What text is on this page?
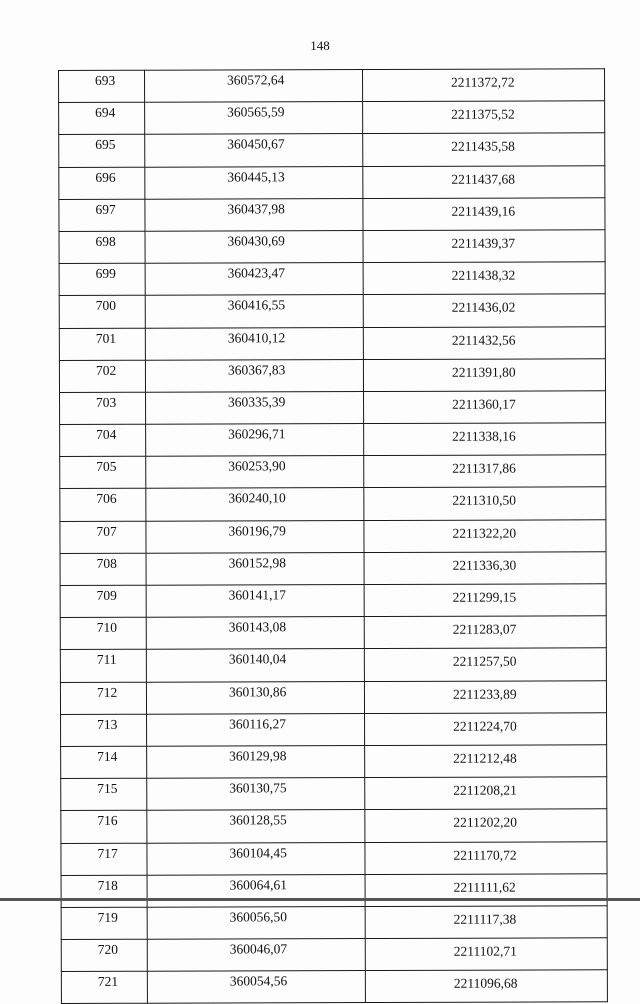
148
693	360572,64	2211372,72
694	360565,59	2211375,52
695	360450,67	2211435,58
696	360445,13	2211437,68
697	360437,98	2211439,16
698	360430,69	2211439,37
699	360423,47	2211438,32
700	360416,55	2211436,02
701	360410,12	2211432,56
702	360367,83	2211391,80
703	360335,39	2211360,17
704	360296,71	2211338,16
705	360253,90	2211317,86
706	360240,10	2211310,50
707	360196,79	2211322,20
708	360152,98	2211336,30
709	360141,17	2211299,15
710	360143,08	2211283,07
711	360140,04	2211257,50
712	360130,86	2211233,89
713	360116,27	2211224,70
714	360129,98	2211212,48
715	360130,75	2211208,21
716	360128,55	2211202,20
717	360104,45	2211170,72
718	360064,61	2211111,62
719	360056,50	2211117,38
720	360046,07	2211102,71
721	360054,56	2211096,68
